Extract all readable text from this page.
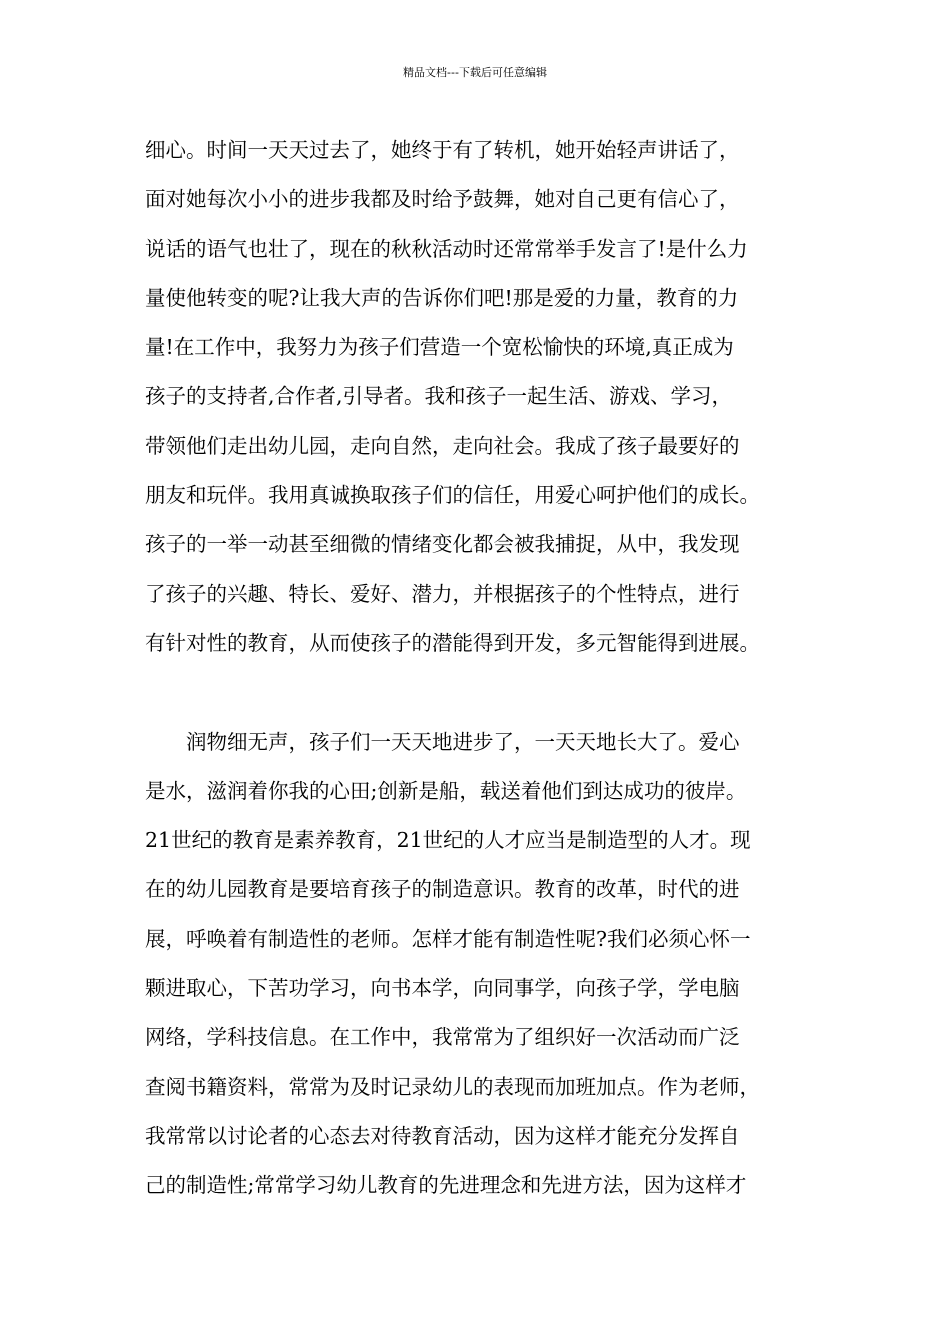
精品文档---下载后可任意编辑
细心。时间一天天过去了，她终于有了转机，她开始轻声讲话了，
面对她每次小小的进步我都及时给予鼓舞，她对自己更有信心了，
说话的语气也壮了，现在的秋秋活动时还常常举手发言了!是什么力
量使他转变的呢?让我大声的告诉你们吧!那是爱的力量，教育的力
量!在工作中，我努力为孩子们营造一个宽松愉快的环境,真正成为
孩子的支持者,合作者,引导者。我和孩子一起生活、游戏、学习，
带领他们走出幼儿园，走向自然，走向社会。我成了孩子最要好的
朋友和玩伴。我用真诚换取孩子们的信任，用爱心呵护他们的成长。
孩子的一举一动甚至细微的情绪变化都会被我捕捉，从中，我发现
了孩子的兴趣、特长、爱好、潜力，并根据孩子的个性特点，进行
有针对性的教育，从而使孩子的潜能得到开发，多元智能得到进展。
　　润物细无声，孩子们一天天地进步了，一天天地长大了。爱心
是水，滋润着你我的心田;创新是船，载送着他们到达成功的彼岸。
21世纪的教育是素养教育，21世纪的人才应当是制造型的人才。现
在的幼儿园教育是要培育孩子的制造意识。教育的改革，时代的进
展，呼唤着有制造性的老师。怎样才能有制造性呢?我们必须心怀一
颗进取心，下苦功学习，向书本学，向同事学，向孩子学，学电脑
网络，学科技信息。在工作中，我常常为了组织好一次活动而广泛
查阅书籍资料，常常为及时记录幼儿的表现而加班加点。作为老师，
我常常以讨论者的心态去对待教育活动，因为这样才能充分发挥自
己的制造性;常常学习幼儿教育的先进理念和先进方法，因为这样才
